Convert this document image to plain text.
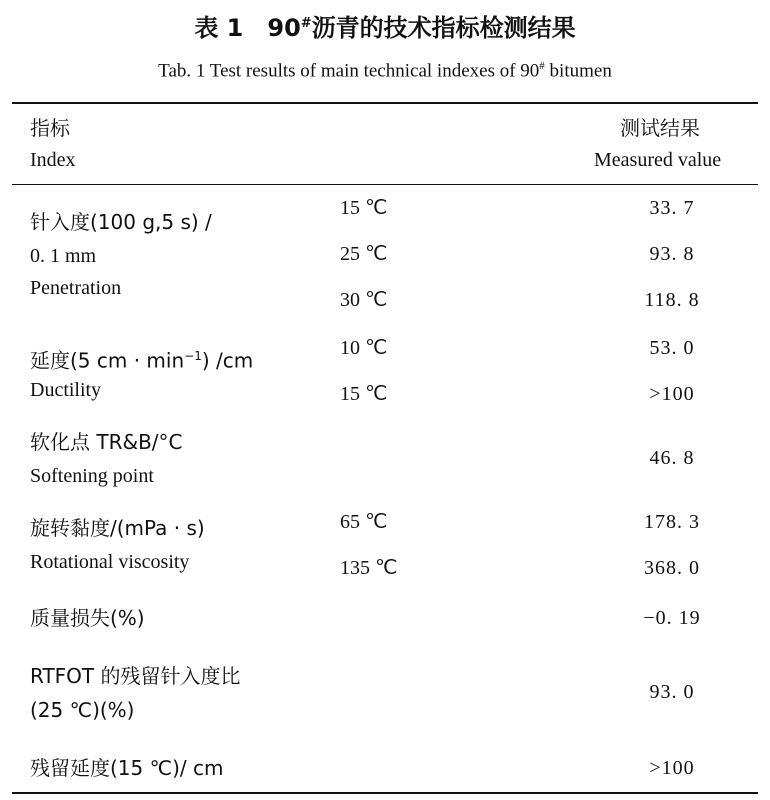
表 1　90#沥青的技术指标检测结果
Tab. 1 Test results of main technical indexes of 90# bitumen
指标
Index
测试结果
Measured value
针入度(100 g,5 s) /
0. 1 mm
Penetration
15 ℃
25 ℃
30 ℃
33. 7
93. 8
118. 8
延度(5 cm · $\min^{-1}$) /cm
Ductility
10 ℃
15 ℃
53. 0
>100
软化点 TR&B/°C
Softening point
46. 8
旋转黏度/(mPa · s)
Rotational viscosity
65 ℃
135 ℃
178. 3
368. 0
质量损失(%)	−0. 19
RTFOT 的残留针入度比
(25 ℃)(%)
93. 0
残留延度(15 ℃)/ cm	>100
